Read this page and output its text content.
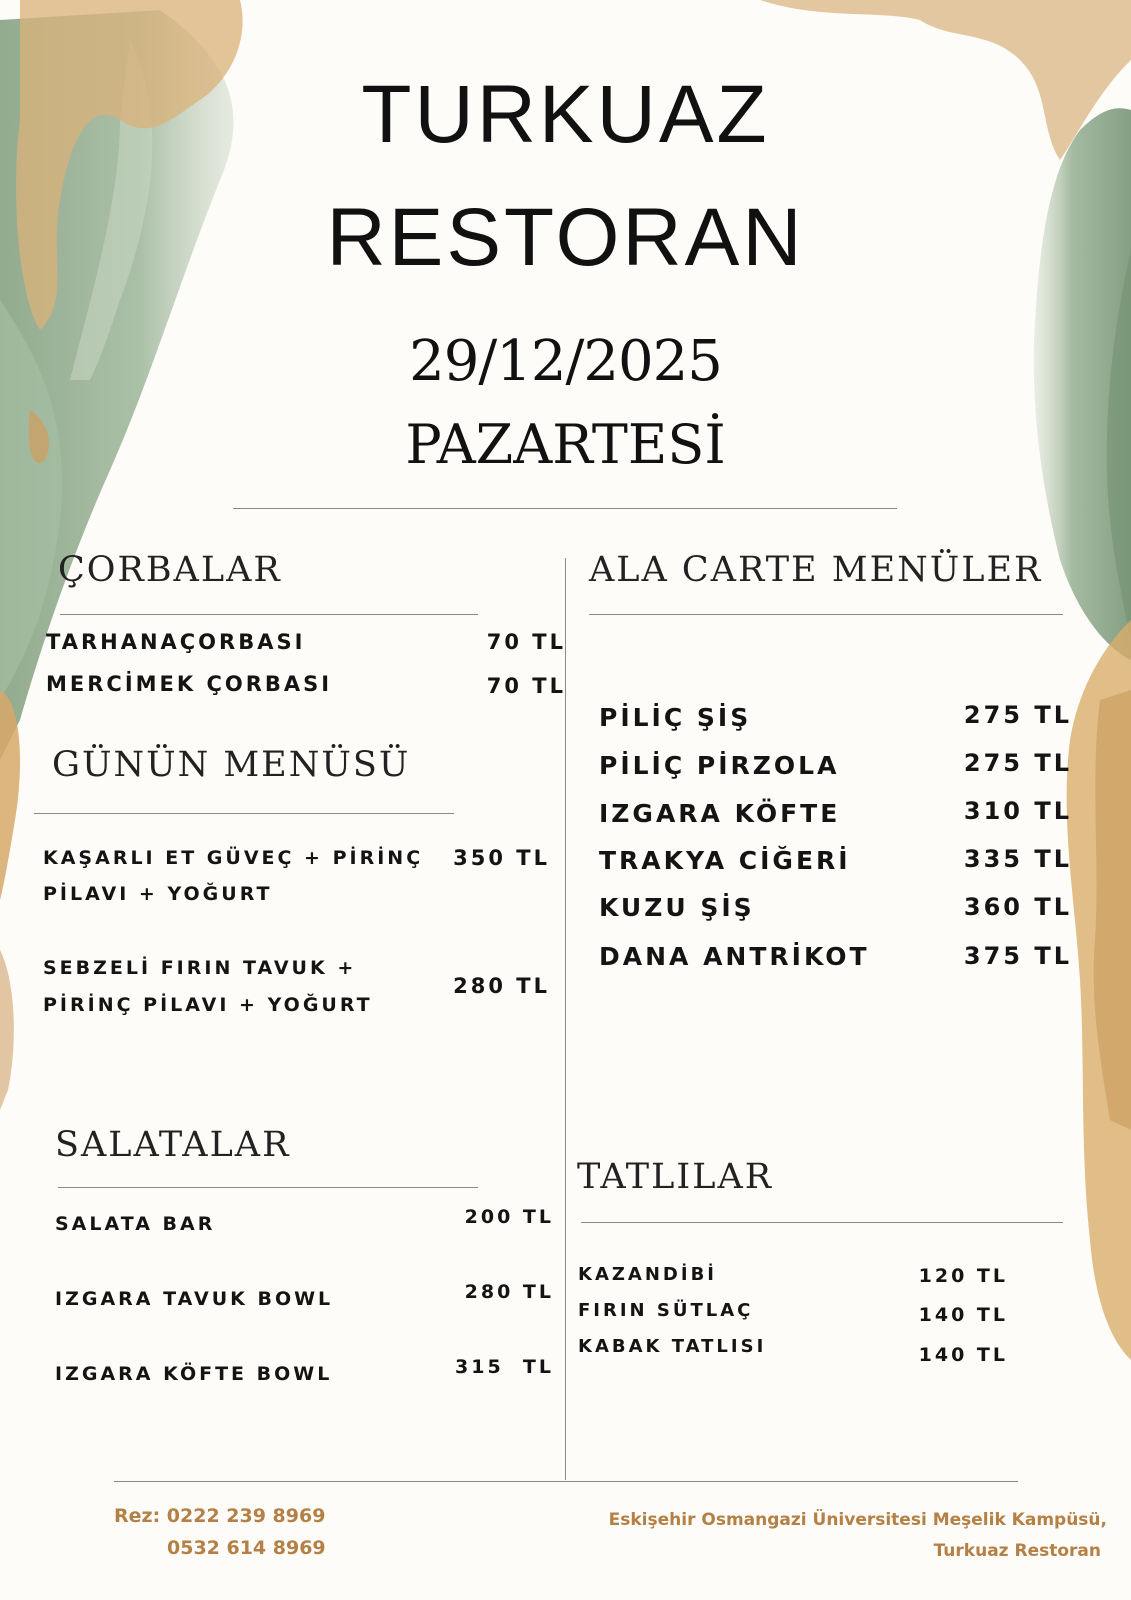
TURKUAZ
RESTORAN
29/12/2025
PAZARTESİ
ÇORBALAR
TARHANAÇORBASI	70 TL
MERCİMEK ÇORBASI	70 TL
GÜNÜN MENÜSÜ
KAŞARLI ET GÜVEÇ + PİRİNÇ
PİLAVI + YOĞURT
350 TL
SEBZELİ FIRIN TAVUK +
PİRİNÇ PİLAVI + YOĞURT
280 TL
SALATALAR
SALATA BAR	200 TL
IZGARA TAVUK BOWL	280 TL
IZGARA KÖFTE BOWL	315  TL
ALA CARTE MENÜLER
PİLİÇ ŞİŞ	275 TL
PİLİÇ PİRZOLA	275 TL
IZGARA KÖFTE	310 TL
TRAKYA CİĞERİ	335 TL
KUZU ŞİŞ	360 TL
DANA ANTRİKOT	375 TL
TATLILAR
KAZANDİBİ	120 TL
FIRIN SÜTLAÇ	140 TL
KABAK TATLISI	140 TL
Rez: 0222 239 8969
0532 614 8969
Eskişehir Osmangazi Üniversitesi Meşelik Kampüsü,
Turkuaz Restoran
